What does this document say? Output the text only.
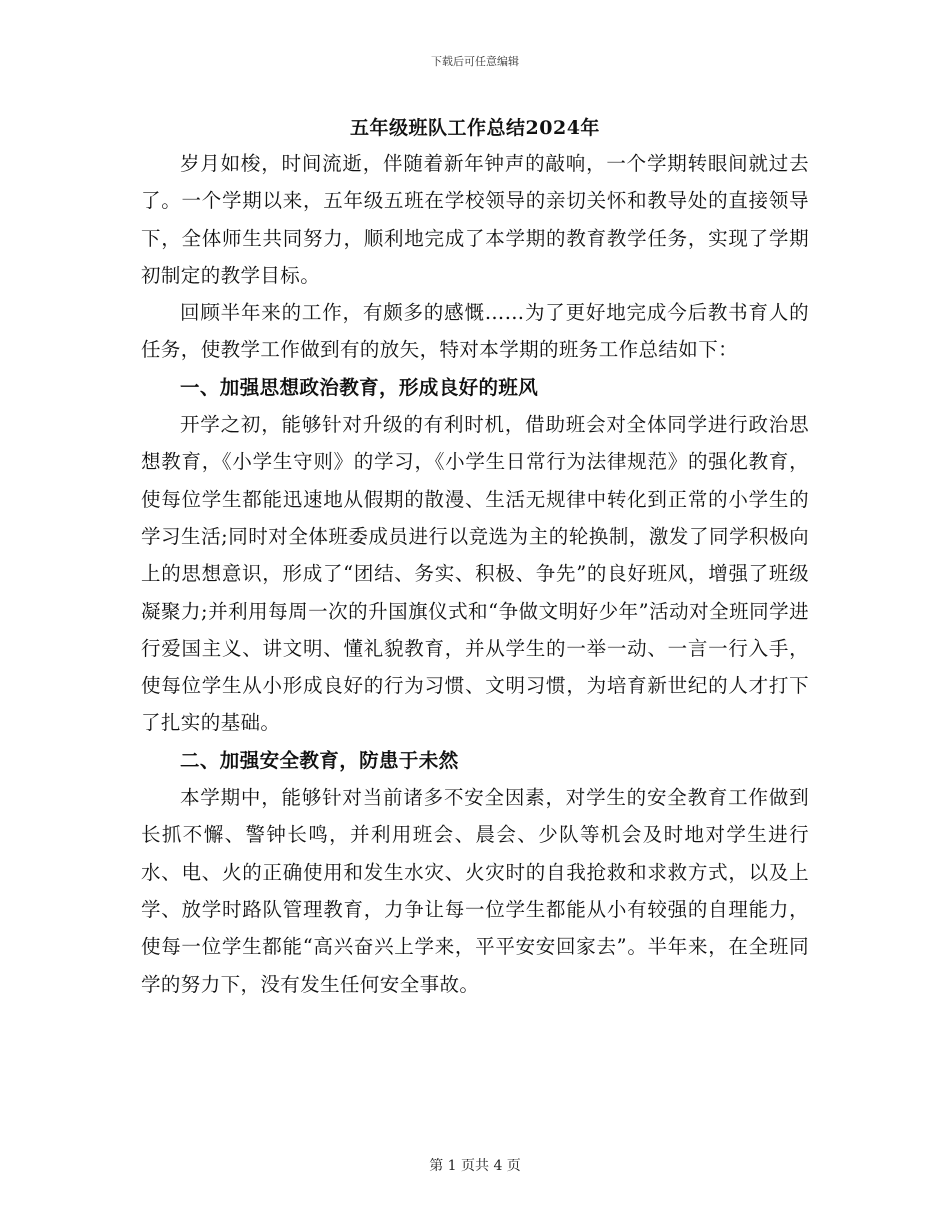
下载后可任意编辑
五年级班队工作总结2024年

岁月如梭，时间流逝，伴随着新年钟声的敲响，一个学期转眼间就过去了。一个学期以来，五年级五班在学校领导的亲切关怀和教导处的直接领导下，全体师生共同努力，顺利地完成了本学期的教育教学任务，实现了学期初制定的教学目标。

回顾半年来的工作，有颇多的感慨……为了更好地完成今后教书育人的任务，使教学工作做到有的放矢，特对本学期的班务工作总结如下：

一、加强思想政治教育，形成良好的班风

开学之初，能够针对升级的有利时机，借助班会对全体同学进行政治思想教育，《小学生守则》的学习，《小学生日常行为法律规范》的强化教育，使每位学生都能迅速地从假期的散漫、生活无规律中转化到正常的小学生的学习生活;同时对全体班委成员进行以竞选为主的轮换制，激发了同学积极向上的思想意识，形成了“团结、务实、积极、争先”的良好班风，增强了班级凝聚力;并利用每周一次的升国旗仪式和“争做文明好少年”活动对全班同学进行爱国主义、讲文明、懂礼貌教育，并从学生的一举一动、一言一行入手，使每位学生从小形成良好的行为习惯、文明习惯，为培育新世纪的人才打下了扎实的基础。

二、加强安全教育，防患于未然

本学期中，能够针对当前诸多不安全因素，对学生的安全教育工作做到长抓不懈、警钟长鸣，并利用班会、晨会、少队等机会及时地对学生进行水、电、火的正确使用和发生水灾、火灾时的自我抢救和求救方式，以及上学、放学时路队管理教育，力争让每一位学生都能从小有较强的自理能力，使每一位学生都能“高兴奋兴上学来，平平安安回家去”。半年来，在全班同学的努力下，没有发生任何安全事故。

第 1 页共 4 页
